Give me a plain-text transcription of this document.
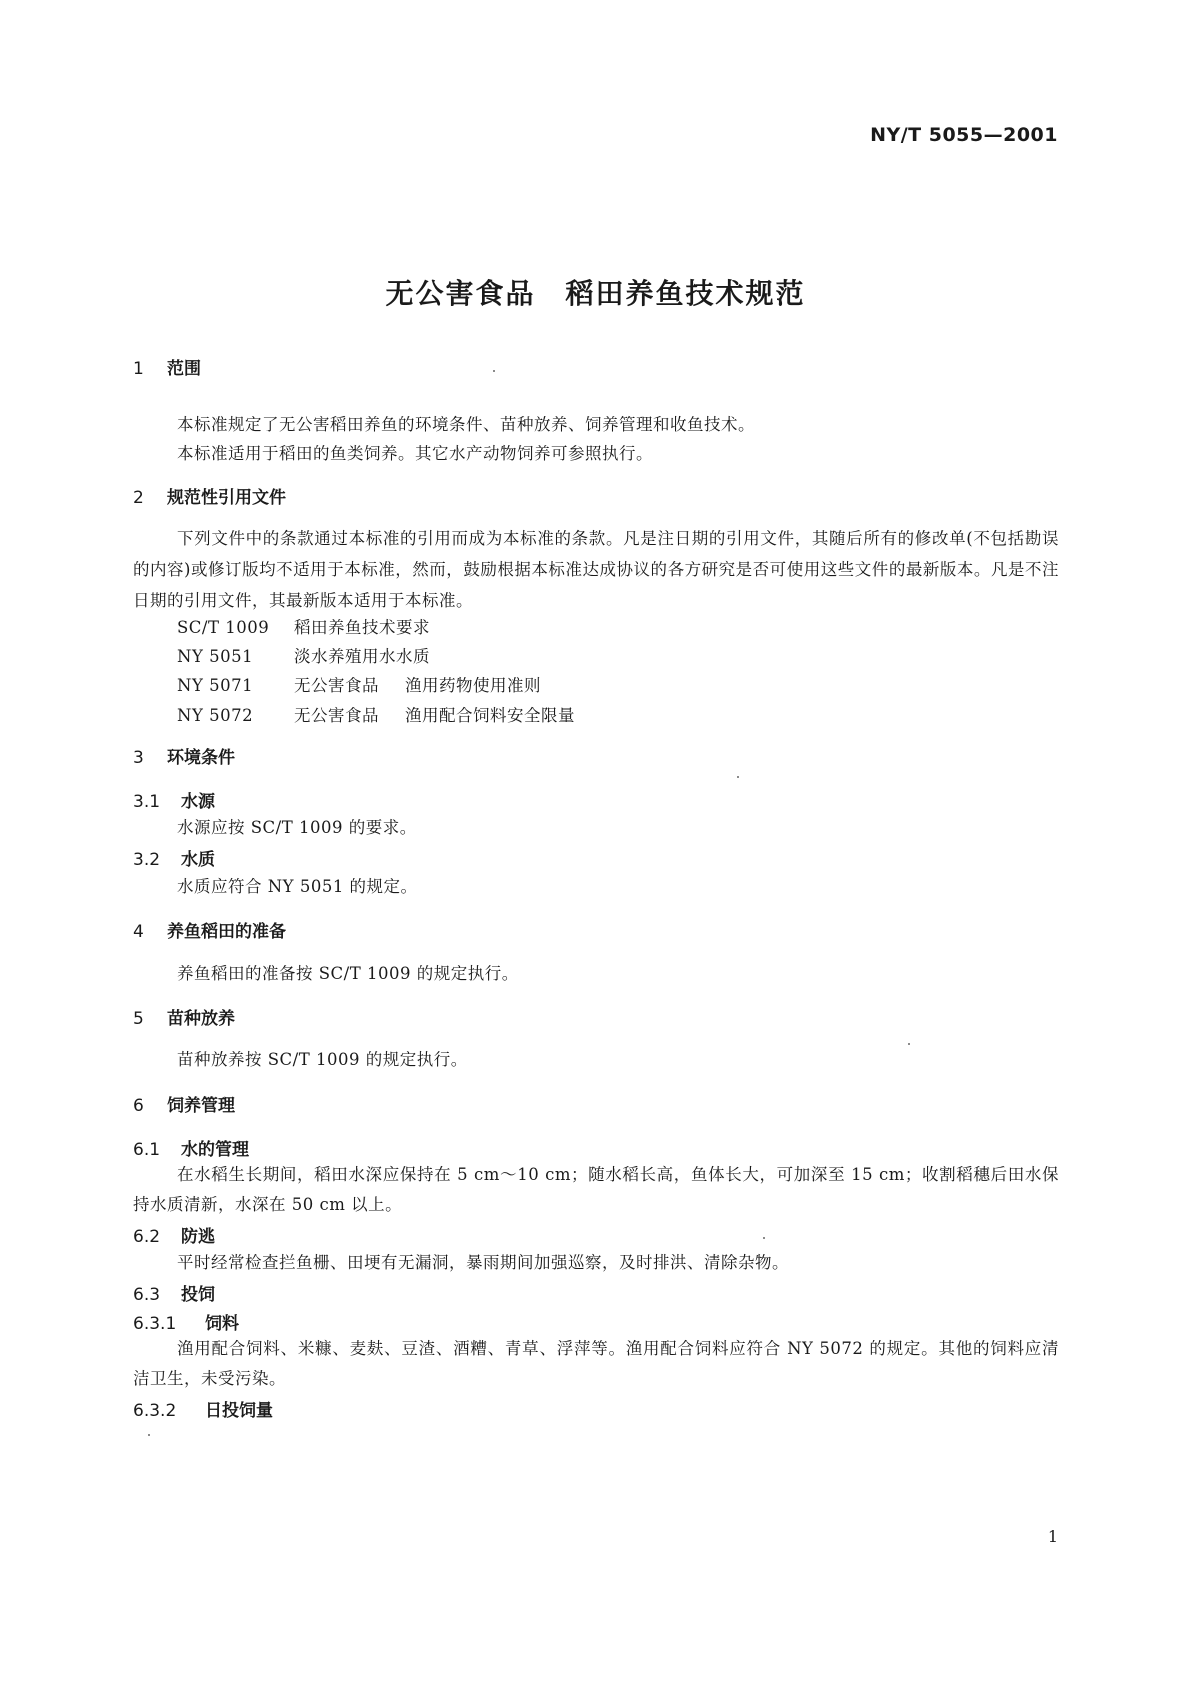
NY/T 5055—2001
无公害食品　稻田养鱼技术规范
1 范围
本标准规定了无公害稻田养鱼的环境条件、苗种放养、饲养管理和收鱼技术。
本标准适用于稻田的鱼类饲养。其它水产动物饲养可参照执行。
2 规范性引用文件
下列文件中的条款通过本标准的引用而成为本标准的条款。凡是注日期的引用文件，其随后所有的修改单(不包括勘误的内容)或修订版均不适用于本标准，然而，鼓励根据本标准达成协议的各方研究是否可使用这些文件的最新版本。凡是不注日期的引用文件，其最新版本适用于本标准。
SC/T 1009 稻田养鱼技术要求
NY 5051 淡水养殖用水水质
NY 5071 无公害食品 渔用药物使用准则
NY 5072 无公害食品 渔用配合饲料安全限量
3 环境条件
3.1 水源
水源应按 SC/T 1009 的要求。
3.2 水质
水质应符合 NY 5051 的规定。
4 养鱼稻田的准备
养鱼稻田的准备按 SC/T 1009 的规定执行。
5 苗种放养
苗种放养按 SC/T 1009 的规定执行。
6 饲养管理
6.1 水的管理
在水稻生长期间，稻田水深应保持在 5 cm～10 cm；随水稻长高，鱼体长大，可加深至 15 cm；收割稻穗后田水保持水质清新，水深在 50 cm 以上。
6.2 防逃
平时经常检查拦鱼栅、田埂有无漏洞，暴雨期间加强巡察，及时排洪、清除杂物。
6.3 投饲
6.3.1 饲料
渔用配合饲料、米糠、麦麸、豆渣、酒糟、青草、浮萍等。渔用配合饲料应符合 NY 5072 的规定。其他的饲料应清洁卫生，未受污染。
6.3.2 日投饲量
1
